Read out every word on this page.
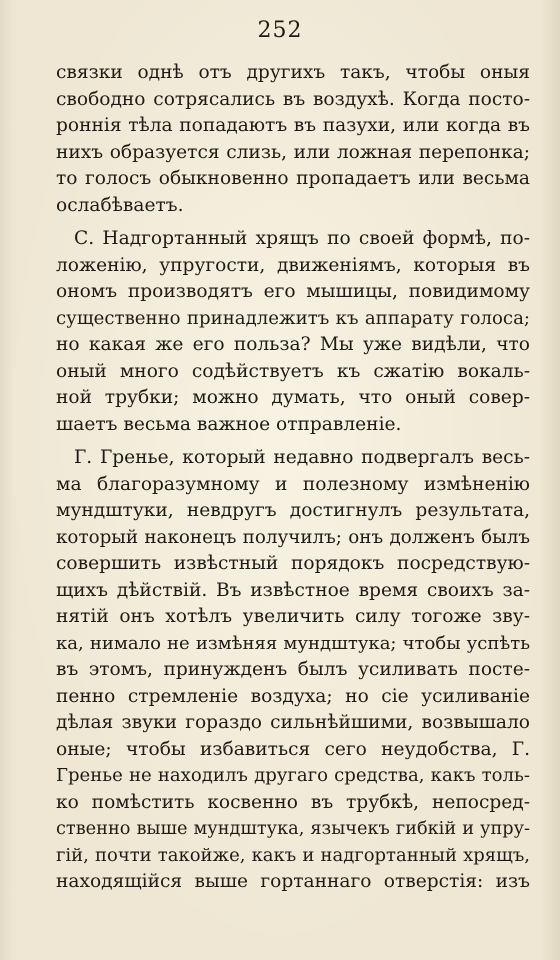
252
связки однѣ отъ другихъ такъ, чтобы оныя
свободно сотрясались въ воздухѣ. Когда посто-
роннія тѣла попадаютъ въ пазухи, или когда въ
нихъ образуется слизь, или ложная перепонка;
то голосъ обыкновенно пропадаетъ или весьма
ослабѣваетъ.
С. Надгортанный хрящъ по своей формѣ, по-
ложенію, упругости, движеніямъ, которыя въ
ономъ производятъ его мышицы, повидимому
существенно принадлежитъ къ аппарату голоса;
но какая же его польза? Мы уже видѣли, что
оный много содѣйствуетъ къ сжатію вокаль-
ной трубки; можно думать, что оный совер-
шаетъ весьма важное отправленіе.
Г. Гренье, который недавно подвергалъ весь-
ма благоразумному и полезному измѣненію
мундштуки, невдругъ достигнулъ результата,
который наконецъ получилъ; онъ долженъ былъ
совершить извѣстный порядокъ посредствую-
щихъ дѣйствій. Въ извѣстное время своихъ за-
нятій онъ хотѣлъ увеличить силу тогоже зву-
ка, нимало не измѣняя мундштука; чтобы успѣть
въ этомъ, принужденъ былъ усиливать посте-
пенно стремленіе воздуха; но сіе усиливаніе
дѣлая звуки гораздо сильнѣйшими, возвышало
оные; чтобы избавиться сего неудобства, Г.
Гренье не находилъ другаго средства, какъ толь-
ко помѣстить косвенно въ трубкѣ, непосред-
ственно выше мундштука, язычекъ гибкій и упру-
гій, почти такойже, какъ и надгортанный хрящъ,
находящійся выше гортаннаго отверстія: изъ
